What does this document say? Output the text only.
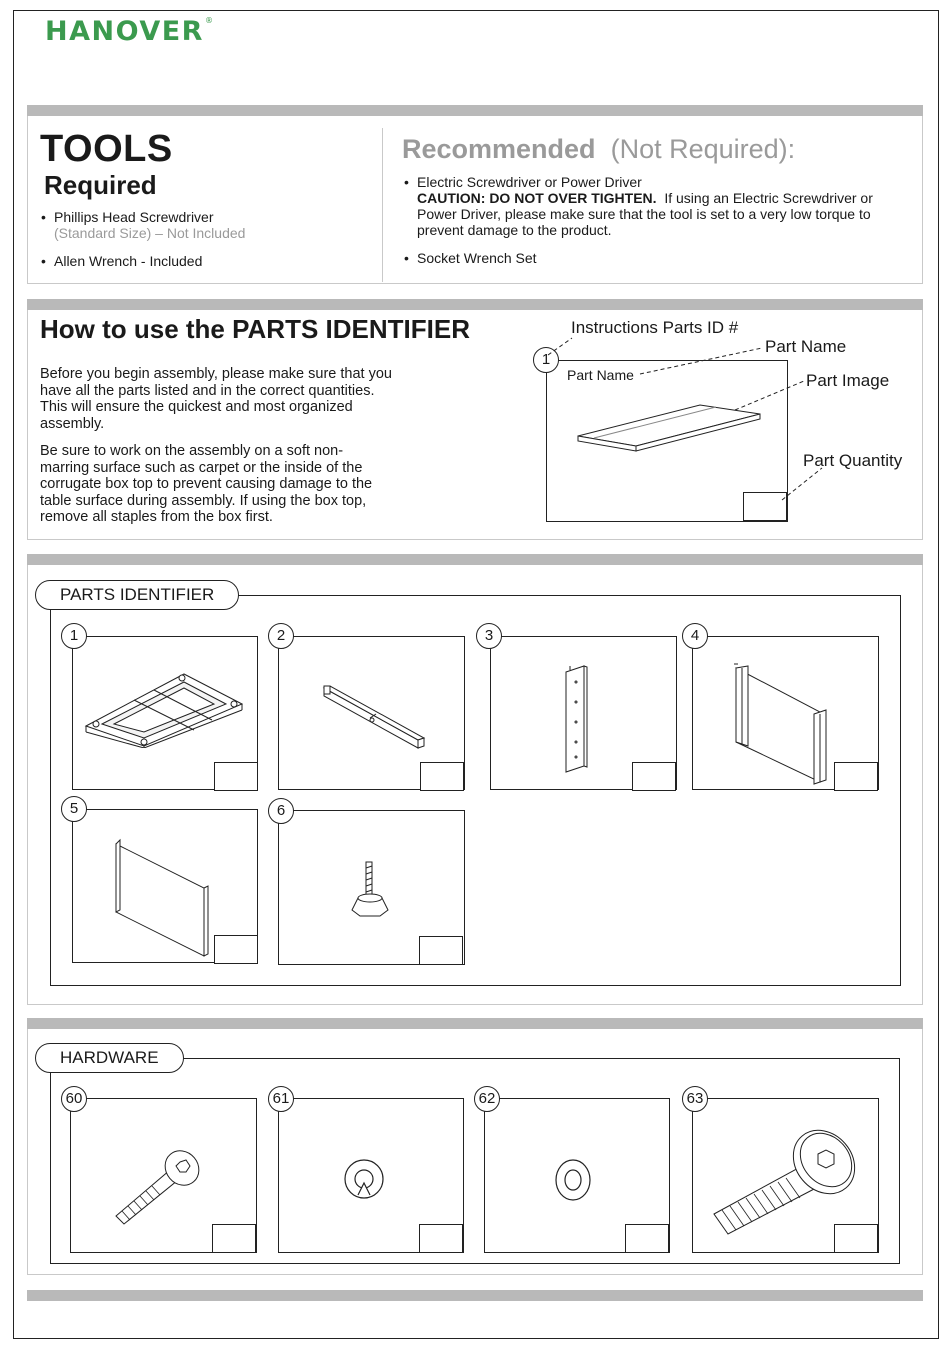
HANOVER®
TOOLS
Required
• Phillips Head Screwdriver
(Standard Size) – Not Included
• Allen Wrench - Included
Recommended (Not Required):
• Electric Screwdriver or Power Driver
CAUTION: DO NOT OVER TIGHTEN. If using an Electric Screwdriver or
Power Driver, please make sure that the tool is set to a very low torque to
prevent damage to the product.
• Socket Wrench Set
How to use the PARTS IDENTIFIER
Before you begin assembly, please make sure that you have all the parts listed and in the correct quantities. This will ensure the quickest and most organized assembly.
Be sure to work on the assembly on a soft non-marring surface such as carpet or the inside of the corrugate box top to prevent causing damage to the table surface during assembly. If using the box top, remove all staples from the box first.
1
Part Name
Instructions Parts ID #
Part Name
Part Image
Part Quantity
PARTS IDENTIFIER
1	2	3	4
5	6
HARDWARE
60	61	62	63
